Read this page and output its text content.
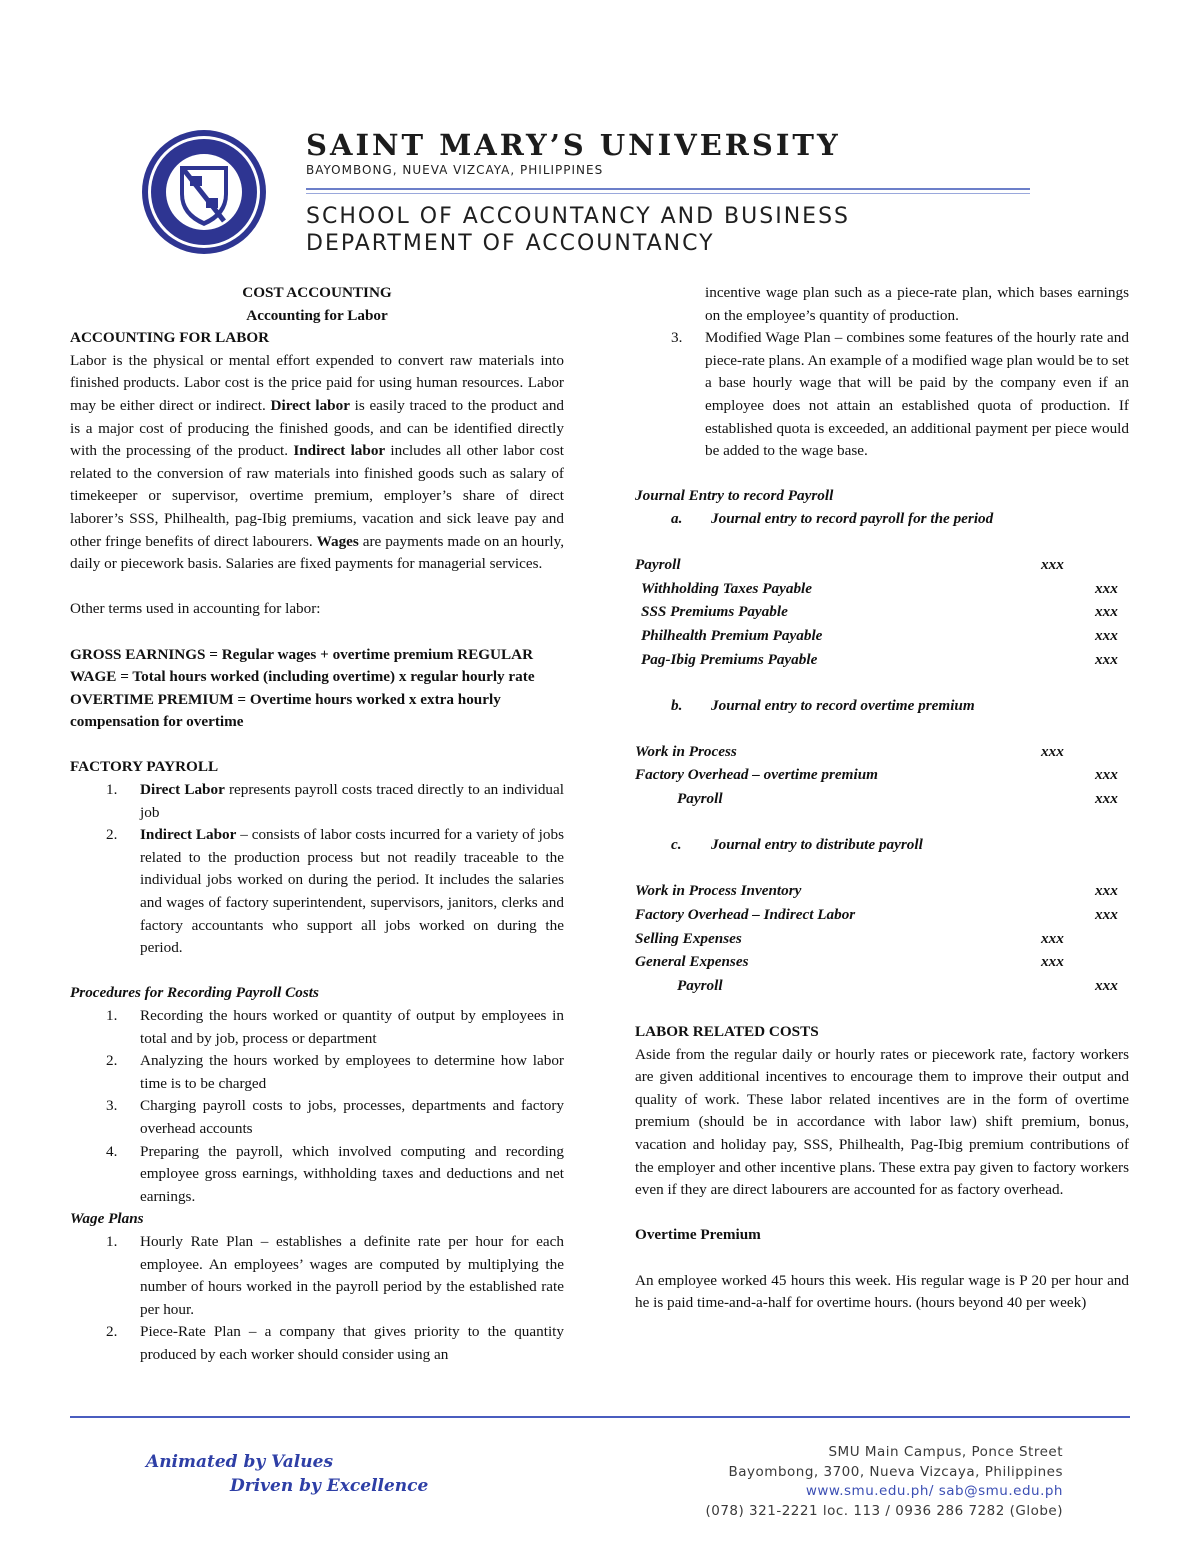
SAINT MARY’S UNIVERSITY
BAYOMBONG, NUEVA VIZCAYA, PHILIPPINES
SCHOOL OF ACCOUNTANCY AND BUSINESS
DEPARTMENT OF ACCOUNTANCY
COST ACCOUNTING
Accounting for Labor
ACCOUNTING FOR LABOR
Labor is the physical or mental effort expended to convert raw materials into finished products. Labor cost is the price paid for using human resources. Labor may be either direct or indirect. Direct labor is easily traced to the product and is a major cost of producing the finished goods, and can be identified directly with the processing of the product. Indirect labor includes all other labor cost related to the conversion of raw materials into finished goods such as salary of timekeeper or supervisor, overtime premium, employer’s share of direct laborer’s SSS, Philhealth, pag-Ibig premiums, vacation and sick leave pay and other fringe benefits of direct labourers. Wages are payments made on an hourly, daily or piecework basis. Salaries are fixed payments for managerial services.
Other terms used in accounting for labor:
GROSS EARNINGS = Regular wages + overtime premium REGULAR WAGE = Total hours worked (including overtime) x regular hourly rate OVERTIME PREMIUM = Overtime hours worked x extra hourly compensation for overtime
FACTORY PAYROLL
1. Direct Labor represents payroll costs traced directly to an individual job
2. Indirect Labor – consists of labor costs incurred for a variety of jobs related to the production process but not readily traceable to the individual jobs worked on during the period. It includes the salaries and wages of factory superintendent, supervisors, janitors, clerks and factory accountants who support all jobs worked on during the period.
Procedures for Recording Payroll Costs
1. Recording the hours worked or quantity of output by employees in total and by job, process or department
2. Analyzing the hours worked by employees to determine how labor time is to be charged
3. Charging payroll costs to jobs, processes, departments and factory overhead accounts
4. Preparing the payroll, which involved computing and recording employee gross earnings, withholding taxes and deductions and net earnings.
Wage Plans
1. Hourly Rate Plan – establishes a definite rate per hour for each employee. An employees’ wages are computed by multiplying the number of hours worked in the payroll period by the established rate per hour.
2. Piece-Rate Plan – a company that gives priority to the quantity produced by each worker should consider using an
incentive wage plan such as a piece-rate plan, which bases earnings on the employee’s quantity of production.
3. Modified Wage Plan – combines some features of the hourly rate and piece-rate plans. An example of a modified wage plan would be to set a base hourly wage that will be paid by the company even if an employee does not attain an established quota of production. If established quota is exceeded, an additional payment per piece would be added to the wage base.
Journal Entry to record Payroll
a. Journal entry to record payroll for the period
Payroll	xxx
Withholding Taxes Payable	xxx
SSS Premiums Payable	xxx
Philhealth Premium Payable	xxx
Pag-Ibig Premiums Payable	xxx
b. Journal entry to record overtime premium
Work in Process	xxx
Factory Overhead – overtime premium	xxx
Payroll	xxx
c. Journal entry to distribute payroll
Work in Process Inventory	xxx
Factory Overhead – Indirect Labor	xxx
Selling Expenses	xxx
General Expenses	xxx
Payroll	xxx
LABOR RELATED COSTS
Aside from the regular daily or hourly rates or piecework rate, factory workers are given additional incentives to encourage them to improve their output and quality of work. These labor related incentives are in the form of overtime premium (should be in accordance with labor law) shift premium, bonus, vacation and holiday pay, SSS, Philhealth, Pag-Ibig premium contributions of the employer and other incentive plans. These extra pay given to factory workers even if they are direct labourers are accounted for as factory overhead.
Overtime Premium
An employee worked 45 hours this week. His regular wage is P 20 per hour and he is paid time-and-a-half for overtime hours. (hours beyond 40 per week)
Animated by Values
Driven by Excellence
SMU Main Campus, Ponce Street
Bayombong, 3700, Nueva Vizcaya, Philippines
www.smu.edu.ph/ sab@smu.edu.ph
(078) 321-2221 loc. 113 / 0936 286 7282 (Globe)
